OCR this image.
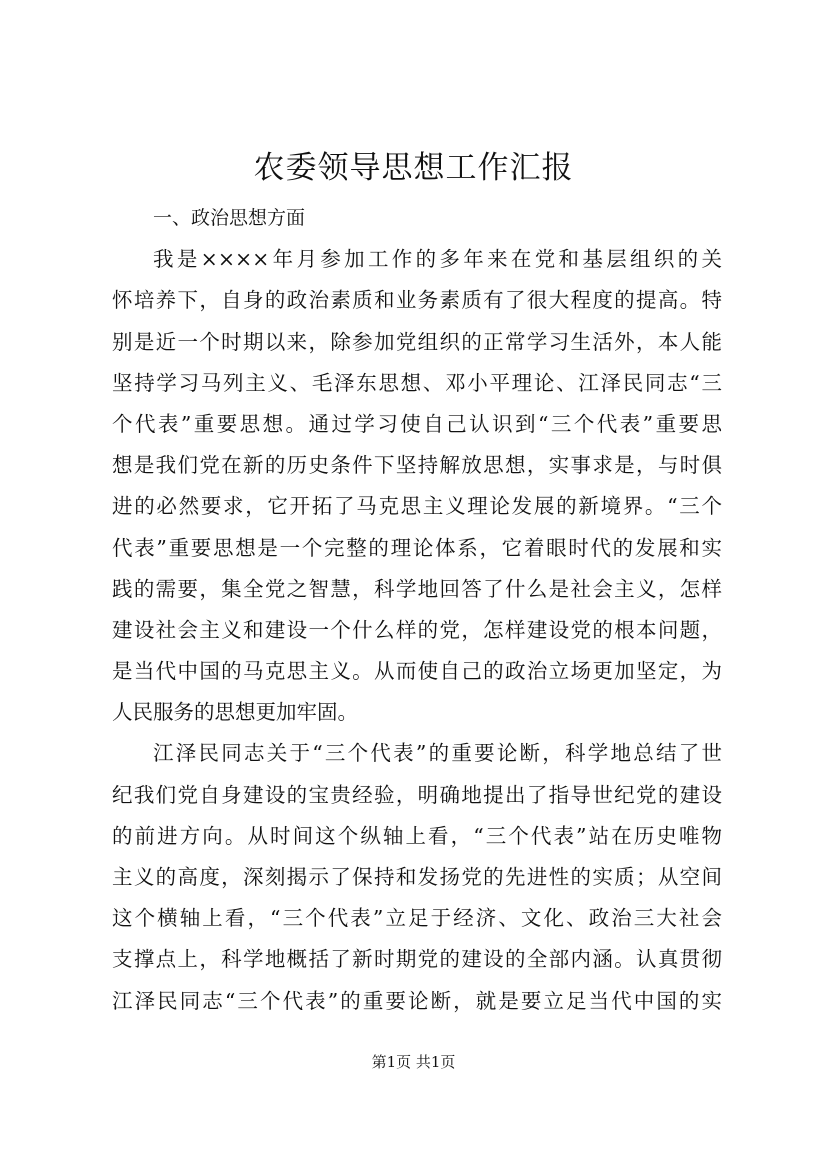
农委领导思想工作汇报
一、政治思想方面
我是××××年月参加工作的多年来在党和基层组织的关
怀培养下，自身的政治素质和业务素质有了很大程度的提高。特
别是近一个时期以来，除参加党组织的正常学习生活外，本人能
坚持学习马列主义、毛泽东思想、邓小平理论、江泽民同志“三
个代表”重要思想。通过学习使自己认识到“三个代表”重要思
想是我们党在新的历史条件下坚持解放思想，实事求是，与时俱
进的必然要求，它开拓了马克思主义理论发展的新境界。“三个
代表”重要思想是一个完整的理论体系，它着眼时代的发展和实
践的需要，集全党之智慧，科学地回答了什么是社会主义，怎样
建设社会主义和建设一个什么样的党，怎样建设党的根本问题，
是当代中国的马克思主义。从而使自己的政治立场更加坚定，为
人民服务的思想更加牢固。
江泽民同志关于“三个代表”的重要论断，科学地总结了世
纪我们党自身建设的宝贵经验，明确地提出了指导世纪党的建设
的前进方向。从时间这个纵轴上看，“三个代表”站在历史唯物
主义的高度，深刻揭示了保持和发扬党的先进性的实质；从空间
这个横轴上看，“三个代表”立足于经济、文化、政治三大社会
支撑点上，科学地概括了新时期党的建设的全部内涵。认真贯彻
江泽民同志“三个代表”的重要论断，就是要立足当代中国的实
第1页 共1页
